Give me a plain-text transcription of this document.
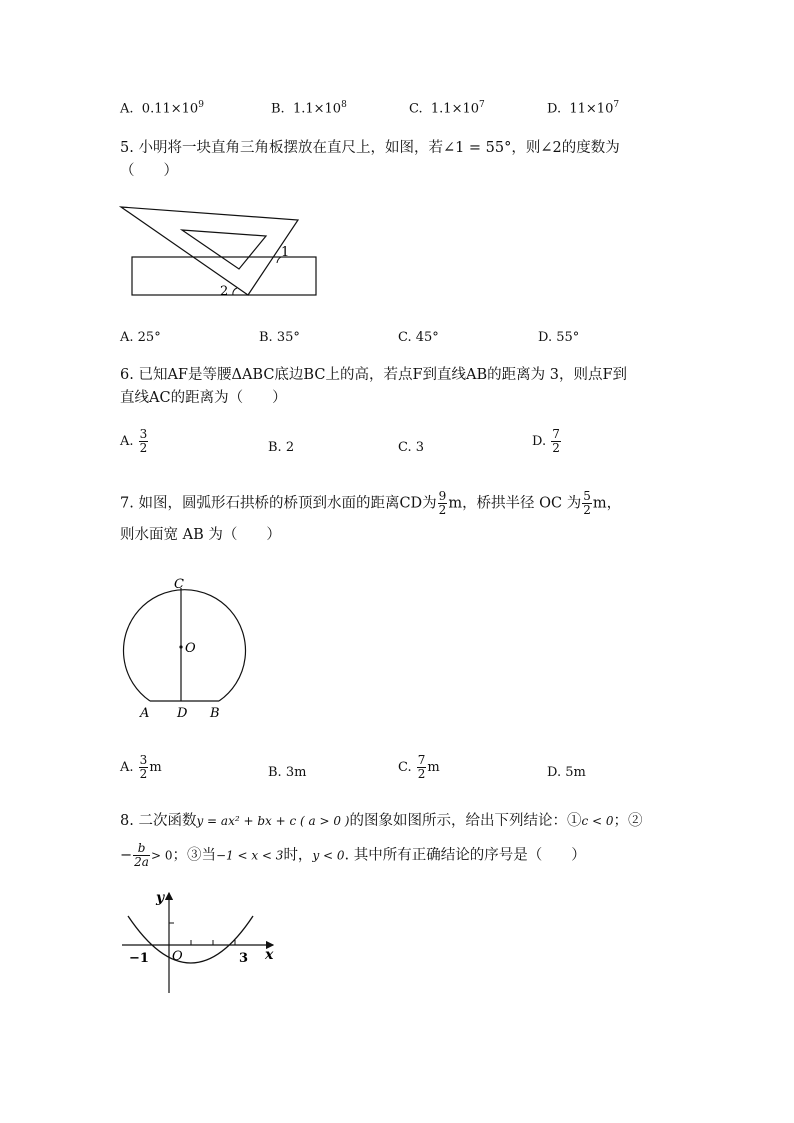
A. $0.11\times 10^9$	B. $1.1\times 10^8$	C. $1.1\times 10^7$	D. $11\times 10^7$
5. 小明将一块直角三角板摆放在直尺上，如图，若∠1 = 55°，则∠2的度数为
（　　）
1
2
A. 25°	B. 35°	C. 45°	D. 55°
6. 已知AF是等腰ΔABC底边BC上的高，若点F到直线AB的距离为 3，则点F到
直线AC的距离为（　　）
A. $\frac{3}{2}$	B. 2	C. 3	D. $\frac{7}{2}$
7. 如图，圆弧形石拱桥的桥顶到水面的距离CD为 $\frac{9}{2}$ m，桥拱半径 OC 为 $\frac{5}{2}$ m，
则水面宽 AB 为（　　）
C
O
A D B
A. $\frac{3}{2}$ m	B. 3m	C. $\frac{7}{2}$ m	D. 5m
8. 二次函数y = ax² + bx + c ( a > 0 )的图象如图所示，给出下列结论：①c < 0；②
− $\frac{b}{2a} > 0$；③当−1 < x < 3时，y < 0. 其中所有正确结论的序号是（　　）
y
x
O
−1	3
